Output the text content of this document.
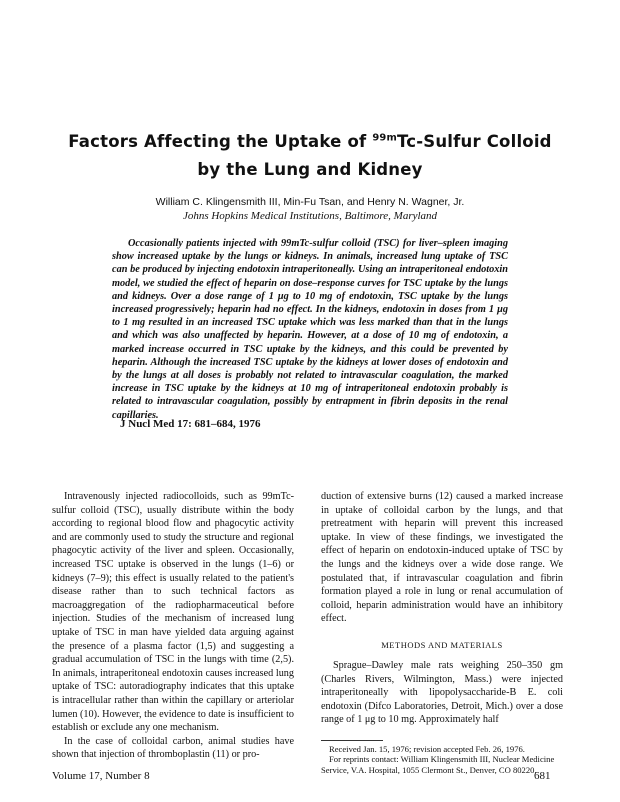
Factors Affecting the Uptake of $^{99m}$Tc-Sulfur Colloid
by the Lung and Kidney
William C. Klingensmith III, Min-Fu Tsan, and Henry N. Wagner, Jr.
Johns Hopkins Medical Institutions, Baltimore, Maryland
Occasionally patients injected with 99mTc-sulfur colloid (TSC) for liver–spleen imaging show increased uptake by the lungs or kidneys. In animals, increased lung uptake of TSC can be produced by injecting endotoxin intraperitoneally. Using an intraperitoneal endotoxin model, we studied the effect of heparin on dose–response curves for TSC uptake by the lungs and kidneys. Over a dose range of 1 μg to 10 mg of endotoxin, TSC uptake by the lungs increased progressively; heparin had no effect. In the kidneys, endotoxin in doses from 1 μg to 1 mg resulted in an increased TSC uptake which was less marked than that in the lungs and which was also unaffected by heparin. However, at a dose of 10 mg of endotoxin, a marked increase occurred in TSC uptake by the kidneys, and this could be prevented by heparin. Although the increased TSC uptake by the kidneys at lower doses of endotoxin and by the lungs at all doses is probably not related to intravascular coagulation, the marked increase in TSC uptake by the kidneys at 10 mg of intraperitoneal endotoxin probably is related to intravascular coagulation, possibly by entrapment in fibrin deposits in the renal capillaries.
J Nucl Med 17: 681–684, 1976

Intravenously injected radiocolloids, such as 99mTc-sulfur colloid (TSC), usually distribute within the body according to regional blood flow and phagocytic activity and are commonly used to study the structure and regional phagocytic activity of the liver and spleen. Occasionally, increased TSC uptake is observed in the lungs (1–6) or kidneys (7–9); this effect is usually related to the patient's disease rather than to such technical factors as macroaggregation of the radiopharmaceutical before injection. Studies of the mechanism of increased lung uptake of TSC in man have yielded data arguing against the presence of a plasma factor (1,5) and suggesting a gradual accumulation of TSC in the lungs with time (2,5). In animals, intraperitoneal endotoxin causes increased lung uptake of TSC: autoradiography indicates that this uptake is intracellular rather than within the capillary or arteriolar lumen (10). However, the evidence to date is insufficient to establish or exclude any one mechanism.

In the case of colloidal carbon, animal studies have shown that injection of thromboplastin (11) or pro-

duction of extensive burns (12) caused a marked increase in uptake of colloidal carbon by the lungs, and that pretreatment with heparin will prevent this increased uptake. In view of these findings, we investigated the effect of heparin on endotoxin-induced uptake of TSC by the lungs and the kidneys over a wide dose range. We postulated that, if intravascular coagulation and fibrin formation played a role in lung or renal accumulation of colloid, heparin administration would have an inhibitory effect.

METHODS AND MATERIALS

Sprague–Dawley male rats weighing 250–350 gm (Charles Rivers, Wilmington, Mass.) were injected intraperitoneally with lipopolysaccharide-B E. coli endotoxin (Difco Laboratories, Detroit, Mich.) over a dose range of 1 μg to 10 mg. Approximately half

Received Jan. 15, 1976; revision accepted Feb. 26, 1976.

For reprints contact: William Klingensmith III, Nuclear Medicine Service, V.A. Hospital, 1055 Clermont St., Denver, CO 80220.

Volume 17, Number 8	681
